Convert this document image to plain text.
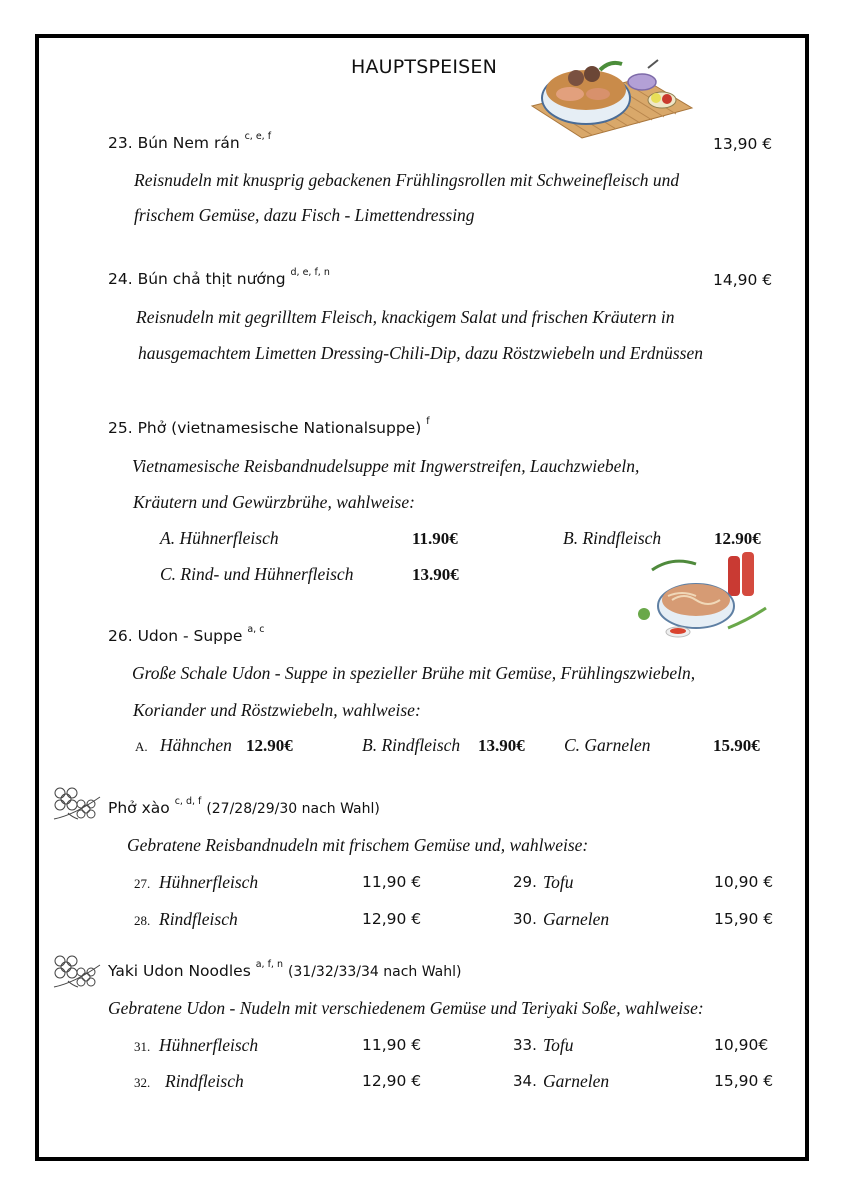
HAUPTSPEISEN
23. Bún Nem rán $^{c, e, f}$	13,90 €
Reisnudeln mit knusprig gebackenen Frühlingsrollen mit Schweinefleisch und
frischem Gemüse, dazu Fisch - Limettendressing
24. Bún chả thịt nướng $^{d, e, f, n}$	14,90 €
Reisnudeln mit gegrilltem Fleisch, knackigem Salat und frischen Kräutern in
hausgemachtem Limetten Dressing-Chili-Dip, dazu Röstzwiebeln und Erdnüssen
25. Phở (vietnamesische Nationalsuppe) $^f$
Vietnamesische Reisbandnudelsuppe mit Ingwerstreifen, Lauchzwiebeln,
Kräutern und Gewürzbrühe, wahlweise:
A. Hühnerfleisch	11.90€	B. Rindfleisch	12.90€
C. Rind- und Hühnerfleisch	13.90€
26. Udon - Suppe $^{a, c}$
Große Schale Udon - Suppe in spezieller Brühe mit Gemüse, Frühlingszwiebeln,
Koriander und Röstzwiebeln, wahlweise:
A. Hähnchen 12.90€	B. Rindfleisch 13.90€ C. Garnelen	15.90€
Phở xào $^{c, d, f}$ (27/28/29/30 nach Wahl)
Gebratene Reisbandnudeln mit frischem Gemüse und, wahlweise:
27. Hühnerfleisch	11,90 €	29. Tofu	10,90 €
28. Rindfleisch	12,90 €	30. Garnelen	15,90 €
Yaki Udon Noodles $^{a, f, n}$ (31/32/33/34 nach Wahl)
Gebratene Udon - Nudeln mit verschiedenem Gemüse und Teriyaki Soße, wahlweise:
31. Hühnerfleisch	11,90 €	33. Tofu	10,90€
32. Rindfleisch	12,90 €	34. Garnelen	15,90 €
